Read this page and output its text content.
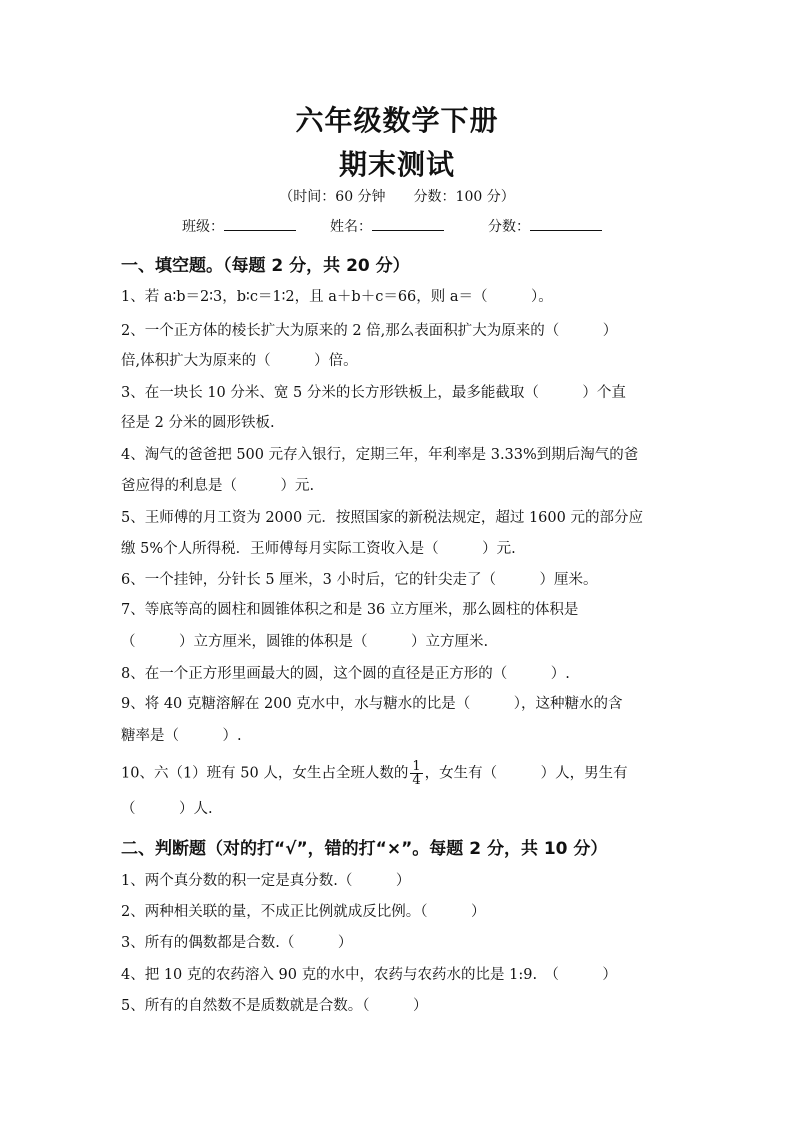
六年级数学下册
期末测试
（时间：60 分钟　　分数：100 分）
班级：	姓名：	分数：
一、填空题。（每题 2 分，共 20 分）
1、若 a∶b＝2∶3，b∶c＝1∶2，且 a＋b＋c＝66，则 a＝（　　　）。
2、一个正方体的棱长扩大为原来的 2 倍,那么表面积扩大为原来的（　　　）
倍,体积扩大为原来的（　　　）倍。
3、在一块长 10 分米、宽 5 分米的长方形铁板上，最多能截取（　　　）个直
径是 2 分米的圆形铁板.
4、淘气的爸爸把 500 元存入银行，定期三年，年利率是 3.33%到期后淘气的爸
爸应得的利息是（　　　）元.
5、王师傅的月工资为 2000 元．按照国家的新税法规定，超过 1600 元的部分应
缴 5%个人所得税．王师傅每月实际工资收入是（　　　）元.
6、一个挂钟，分针长 5 厘米，3 小时后，它的针尖走了（　　　）厘米。
7、等底等高的圆柱和圆锥体积之和是 36 立方厘米，那么圆柱的体积是
（　　　）立方厘米，圆锥的体积是（　　　）立方厘米.
8、在一个正方形里画最大的圆，这个圆的直径是正方形的（　　　）.
9、将 40 克糖溶解在 200 克水中，水与糖水的比是（　　　），这种糖水的含
糖率是（　　　）.
10、六（1）班有 50 人，女生占全班人数的 $\frac{1}{4}$ ，女生有（　　　）人，男生有
（　　　）人.
二、判断题（对的打“√”，错的打“×”。每题 2 分，共 10 分）
1、两个真分数的积一定是真分数.（　　　）
2、两种相关联的量，不成正比例就成反比例。（　　　）
3、所有的偶数都是合数.（　　　）
4、把 10 克的农药溶入 90 克的水中，农药与农药水的比是 1:9.　（　　　）
5、所有的自然数不是质数就是合数。（　　　）
